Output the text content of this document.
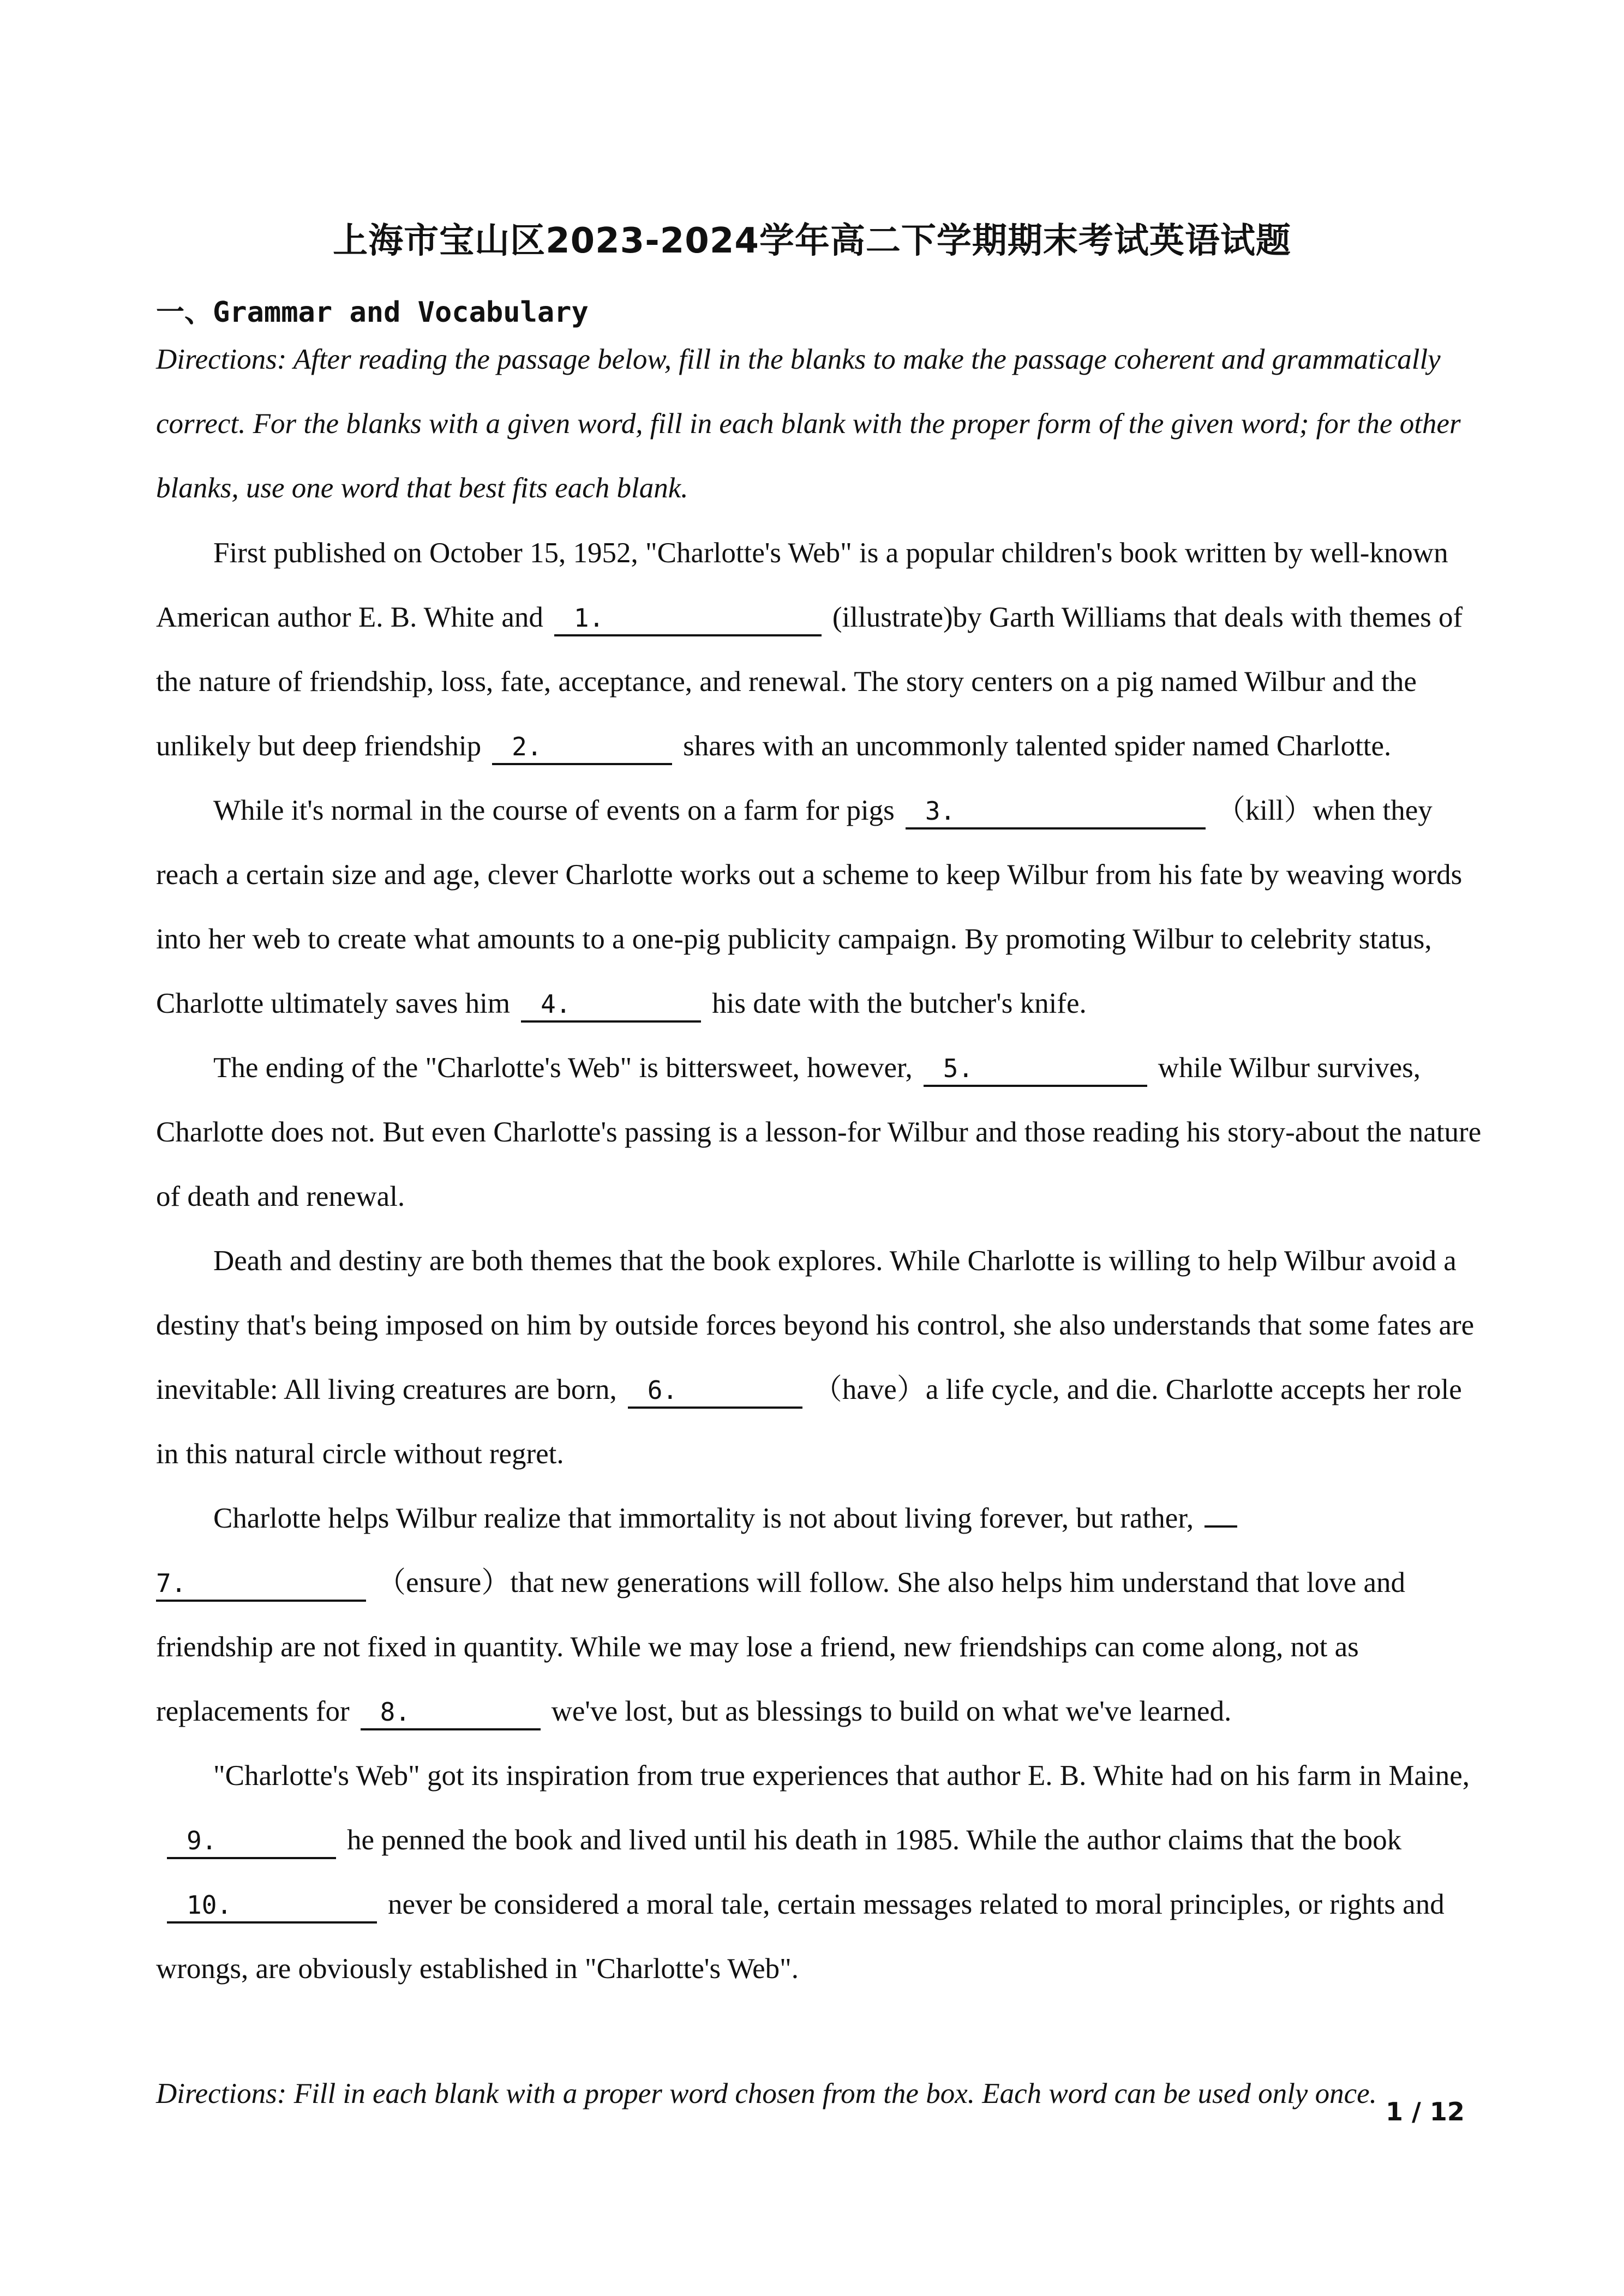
上海市宝山区2023-2024学年高二下学期期末考试英语试题
一、Grammar and Vocabulary
Directions: After reading the passage below, fill in the blanks to make the passage coherent and grammatically correct. For the blanks with a given word, fill in each blank with the proper form of the given word; for the other blanks, use one word that best fits each blank.

First published on October 15, 1952, "Charlotte's Web" is a popular children's book written by well-known American author E. B. White and 1.	(illustrate)by Garth Williams that deals with themes of the nature of friendship, loss, fate, acceptance, and renewal. The story centers on a pig named Wilbur and the unlikely but deep friendship 2.	shares with an uncommonly talented spider named Charlotte.

While it's normal in the course of events on a farm for pigs 3.	（kill）when they reach a certain size and age, clever Charlotte works out a scheme to keep Wilbur from his fate by weaving words into her web to create what amounts to a one-pig publicity campaign. By promoting Wilbur to celebrity status, Charlotte ultimately saves him 4.	his date with the butcher's knife.

The ending of the "Charlotte's Web" is bittersweet, however, 5.	while Wilbur survives, Charlotte does not. But even Charlotte's passing is a lesson-for Wilbur and those reading his story-about the nature of death and renewal.

Death and destiny are both themes that the book explores. While Charlotte is willing to help Wilbur avoid a destiny that's being imposed on him by outside forces beyond his control, she also understands that some fates are inevitable: All living creatures are born, 6.	（have）a life cycle, and die. Charlotte accepts her role in this natural circle without regret.

Charlotte helps Wilbur realize that immortality is not about living forever, but rather,
7.	（ensure）that new generations will follow. She also helps him understand that love and friendship are not fixed in quantity. While we may lose a friend, new friendships can come along, not as replacements for 8.	we've lost, but as blessings to build on what we've learned.

"Charlotte's Web" got its inspiration from true experiences that author E. B. White had on his farm in Maine,9.	he penned the book and lived until his death in 1985. While the author claims that the book10.	never be considered a moral tale, certain messages related to moral principles, or rights and wrongs, are obviously established in "Charlotte's Web".

Directions: Fill in each blank with a proper word chosen from the box. Each word can be used only once.
1 / 12
